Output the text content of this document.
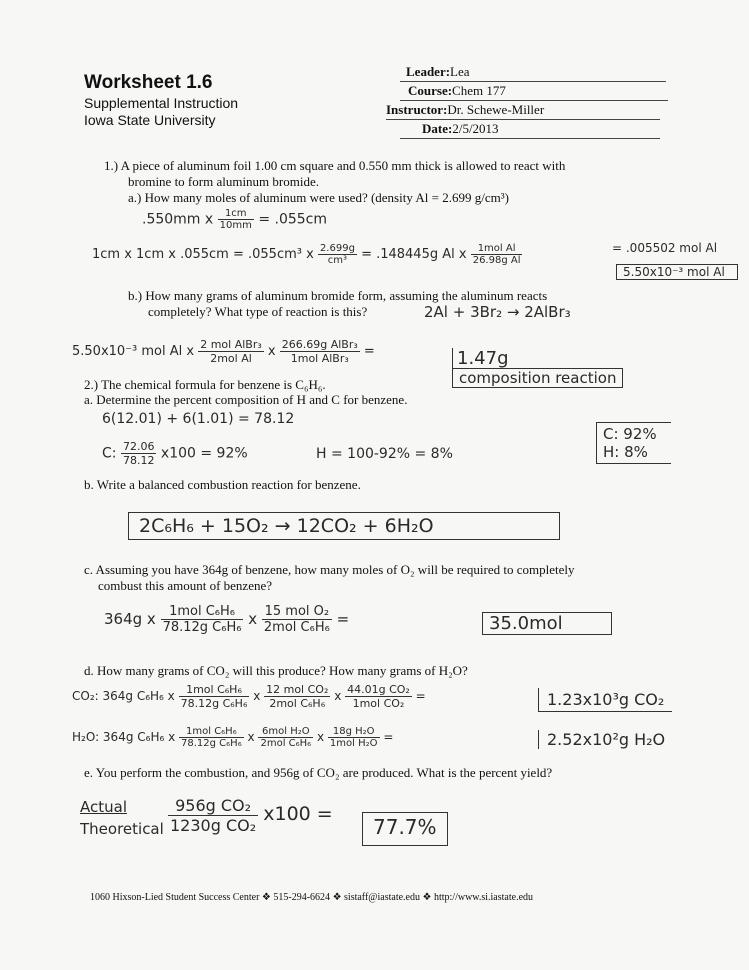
Worksheet 1.6
Supplemental Instruction
Iowa State University
Leader:Lea
Course:Chem 177
Instructor:Dr. Schewe-Miller
Date:2/5/2013
1.) A piece of aluminum foil 1.00 cm square and 0.550 mm thick is allowed to react with
bromine to form aluminum bromide.
a.) How many moles of aluminum were used? (density Al = 2.699 g/cm³)
.550mm x $\frac{1cm}{10mm} = .055cm$
1cm x 1cm x .055cm = .055cm³ x $\frac{2.699g}{\text{cm³}} = .148445g$ Al x $\frac{\text{1mol Al}}{\text{26.98g Al}}$	= .005502 mol Al
5.50x10⁻³ mol Al
b.) How many grams of aluminum bromide form, assuming the aluminum reacts
completely? What type of reaction is this?	2Al + 3Br₂ → 2AlBr₃
5.50x10⁻³ mol Al x $\frac{\text{2 mol AlBr₃}}{\text{2mol Al}}$ x $\frac{\text{266.69g AlBr₃}}{\text{1mol AlBr₃}}$ =	1.47g
composition reaction
2.) The chemical formula for benzene is C₆H₆.
a. Determine the percent composition of H and C for benzene.
6(12.01) + 6(1.01) = 78.12
C: $\frac{72.06}{78.12} x100 = 92\%$	H = 100-92% = 8%
C: 92%
H: 8%
b. Write a balanced combustion reaction for benzene.
2C₆H₆ + 15O₂ → 12CO₂ + 6H₂O
c. Assuming you have 364g of benzene, how many moles of O₂ will be required to completely
combust this amount of benzene?
364g x $\frac{\text{1mol C₆H₆}}{\text{78.12g C₆H₆}}$ x $\frac{\text{15 mol O₂}}{\text{2mol C₆H₆}}$ =	35.0mol
d. How many grams of CO₂ will this produce? How many grams of H₂O?
CO₂: 364g C₆H₆ x $\frac{\text{1mol C₆H₆}}{\text{78.12g C₆H₆}}$ x $\frac{\text{12 mol CO₂}}{\text{2mol C₆H₆}}$ x $\frac{\text{44.01g CO₂}}{\text{1mol CO₂}}$ =	1.23x10³g CO₂
H₂O: 364g C₆H₆ x $\frac{\text{1mol C₆H₆}}{\text{78.12g C₆H₆}}$ x $\frac{\text{6mol H₂O}}{\text{2mol C₆H₆}}$ x $\frac{\text{18g H₂O}}{\text{1mol H₂O}}$ =	2.52x10²g H₂O
e. You perform the combustion, and 956g of CO₂ are produced. What is the percent yield?
Actual
Theoretical $\frac{\text{956g CO₂}}{\text{1230g CO₂}} x100$ =
77.7%
1060 Hixson-Lied Student Success Center ❖ 515-294-6624 ❖ sistaff@iastate.edu ❖ http://www.si.iastate.edu
